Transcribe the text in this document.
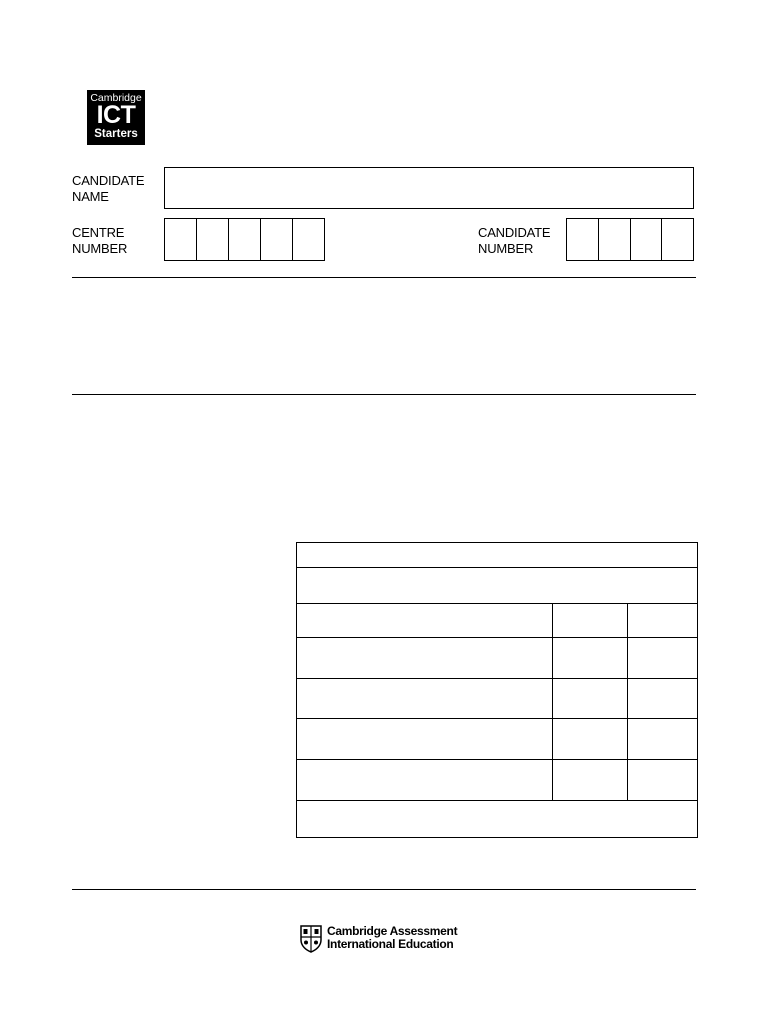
Cambridge
ICT
Starters
CANDIDATE
NAME
CENTRE
NUMBER
CANDIDATE
NUMBER

Cambridge Assessment
International Education
